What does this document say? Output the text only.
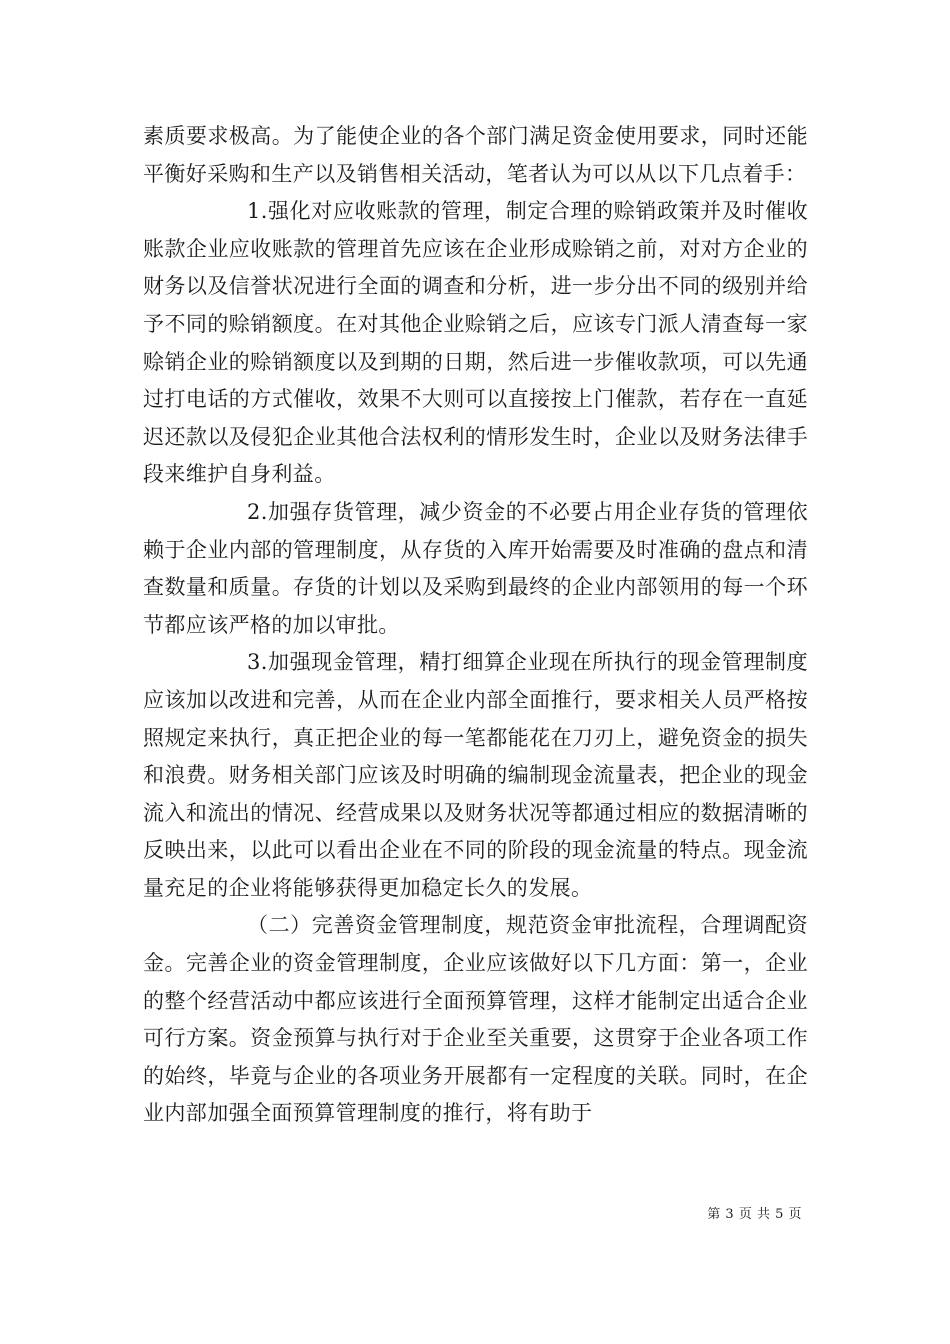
素质要求极高。为了能使企业的各个部门满足资金使用要求，同时还能平衡好采购和生产以及销售相关活动，笔者认为可以从以下几点着手：

1.强化对应收账款的管理，制定合理的赊销政策并及时催收账款企业应收账款的管理首先应该在企业形成赊销之前，对对方企业的财务以及信誉状况进行全面的调查和分析，进一步分出不同的级别并给予不同的赊销额度。在对其他企业赊销之后，应该专门派人清查每一家赊销企业的赊销额度以及到期的日期，然后进一步催收款项，可以先通过打电话的方式催收，效果不大则可以直接按上门催款，若存在一直延迟还款以及侵犯企业其他合法权利的情形发生时，企业以及财务法律手段来维护自身利益。

2.加强存货管理，减少资金的不必要占用企业存货的管理依赖于企业内部的管理制度，从存货的入库开始需要及时准确的盘点和清查数量和质量。存货的计划以及采购到最终的企业内部领用的每一个环节都应该严格的加以审批。

3.加强现金管理，精打细算企业现在所执行的现金管理制度应该加以改进和完善，从而在企业内部全面推行，要求相关人员严格按照规定来执行，真正把企业的每一笔都能花在刀刃上，避免资金的损失和浪费。财务相关部门应该及时明确的编制现金流量表，把企业的现金流入和流出的情况、经营成果以及财务状况等都通过相应的数据清晰的反映出来，以此可以看出企业在不同的阶段的现金流量的特点。现金流量充足的企业将能够获得更加稳定长久的发展。

（二）完善资金管理制度，规范资金审批流程，合理调配资金。完善企业的资金管理制度，企业应该做好以下几方面：第一，企业的整个经营活动中都应该进行全面预算管理，这样才能制定出适合企业可行方案。资金预算与执行对于企业至关重要，这贯穿于企业各项工作的始终，毕竟与企业的各项业务开展都有一定程度的关联。同时，在企业内部加强全面预算管理制度的推行，将有助于

第 3 页 共 5 页
